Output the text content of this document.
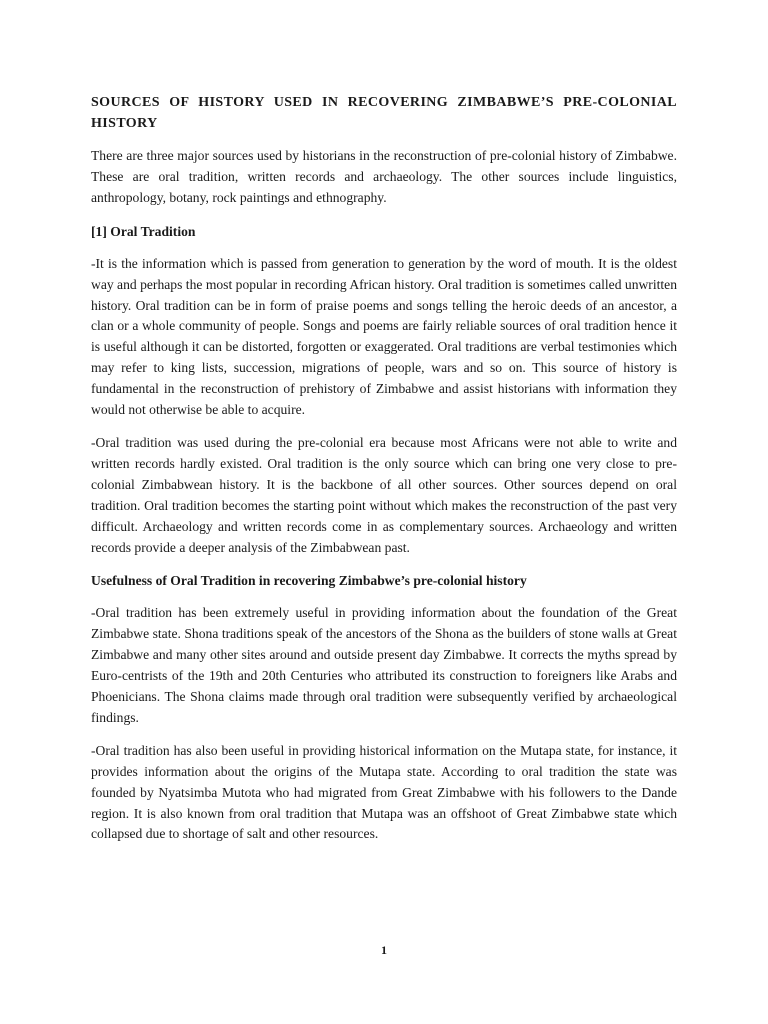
SOURCES OF HISTORY USED IN RECOVERING ZIMBABWE’S PRE-COLONIAL HISTORY

There are three major sources used by historians in the reconstruction of pre-colonial history of Zimbabwe. These are oral tradition, written records and archaeology. The other sources include linguistics, anthropology, botany, rock paintings and ethnography.

[1] Oral Tradition

-It is the information which is passed from generation to generation by the word of mouth. It is the oldest way and perhaps the most popular in recording African history. Oral tradition is sometimes called unwritten history. Oral tradition can be in form of praise poems and songs telling the heroic deeds of an ancestor, a clan or a whole community of people. Songs and poems are fairly reliable sources of oral tradition hence it is useful although it can be distorted, forgotten or exaggerated. Oral traditions are verbal testimonies which may refer to king lists, succession, migrations of people, wars and so on. This source of history is fundamental in the reconstruction of prehistory of Zimbabwe and assist historians with information they would not otherwise be able to acquire.

-Oral tradition was used during the pre-colonial era because most Africans were not able to write and written records hardly existed. Oral tradition is the only source which can bring one very close to pre-colonial Zimbabwean history. It is the backbone of all other sources. Other sources depend on oral tradition. Oral tradition becomes the starting point without which makes the reconstruction of the past very difficult. Archaeology and written records come in as complementary sources. Archaeology and written records provide a deeper analysis of the Zimbabwean past.

Usefulness of Oral Tradition in recovering Zimbabwe’s pre-colonial history

-Oral tradition has been extremely useful in providing information about the foundation of the Great Zimbabwe state. Shona traditions speak of the ancestors of the Shona as the builders of stone walls at Great Zimbabwe and many other sites around and outside present day Zimbabwe. It corrects the myths spread by Euro-centrists of the 19th and 20th Centuries who attributed its construction to foreigners like Arabs and Phoenicians. The Shona claims made through oral tradition were subsequently verified by archaeological findings.

-Oral tradition has also been useful in providing historical information on the Mutapa state, for instance, it provides information about the origins of the Mutapa state. According to oral tradition the state was founded by Nyatsimba Mutota who had migrated from Great Zimbabwe with his followers to the Dande region. It is also known from oral tradition that Mutapa was an offshoot of Great Zimbabwe state which collapsed due to shortage of salt and other resources.

1
